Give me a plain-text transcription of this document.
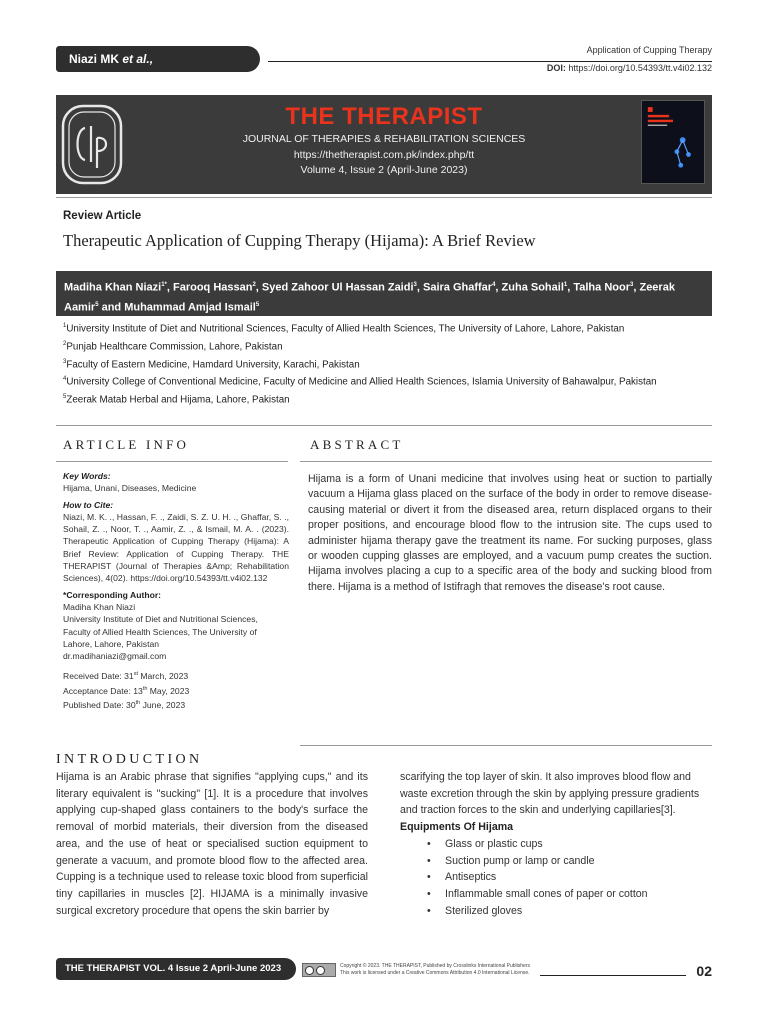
Niazi MK et al.,
Application of Cupping Therapy
DOI: https://doi.org/10.54393/tt.v4i02.132
THE THERAPIST
JOURNAL OF THERAPIES & REHABILITATION SCIENCES
https://thetherapist.com.pk/index.php/tt
Volume 4, Issue 2 (April-June 2023)
Review Article
Therapeutic Application of Cupping Therapy (Hijama): A Brief Review
Madiha Khan Niazi$^{1*}$, Farooq Hassan$^2$, Syed Zahoor Ul Hassan Zaidi$^3$, Saira Ghaffar$^4$, Zuha Sohail$^1$, Talha Noor$^3$, Zeerak Aamir$^5$ and Muhammad Amjad Ismail$^5$
$^1$University Institute of Diet and Nutritional Sciences, Faculty of Allied Health Sciences, The University of Lahore, Lahore, Pakistan
$^2$Punjab Healthcare Commission, Lahore, Pakistan
$^3$Faculty of Eastern Medicine, Hamdard University, Karachi, Pakistan
$^4$University College of Conventional Medicine, Faculty of Medicine and Allied Health Sciences, Islamia University of Bahawalpur, Pakistan
$^5$Zeerak Matab Herbal and Hijama, Lahore, Pakistan
ARTICLE INFO	ABSTRACT
Key Words:
Hijama, Unani, Diseases, Medicine
How to Cite:
Niazi, M. K. ., Hassan, F. ., Zaidi, S. Z. U. H. ., Ghaffar, S. ., Sohail, Z. ., Noor, T. ., Aamir, Z. ., & Ismail, M. A. . (2023). Therapeutic Application of Cupping Therapy (Hijama): A Brief Review: Application of Cupping Therapy. THE THERAPIST (Journal of Therapies &Amp; Rehabilitation Sciences), 4(02). https://doi.org/10.54393/tt.v4i02.132
*Corresponding Author:
Madiha Khan Niazi
University Institute of Diet and Nutritional Sciences,
Faculty of Allied Health Sciences, The University of
Lahore, Lahore, Pakistan
dr.madihaniazi@gmail.com
Received Date: 31st March, 2023
Acceptance Date: 13th May, 2023
Published Date: 30th June, 2023
Hijama is a form of Unani medicine that involves using heat or suction to partially vacuum a Hijama glass placed on the surface of the body in order to remove disease-causing material or divert it from the diseased area, return displaced organs to their proper positions, and encourage blood flow to the intrusion site. The cups used to administer hijama therapy gave the treatment its name. For sucking purposes, glass or wooden cupping glasses are employed, and a vacuum pump creates the suction. Hijama involves placing a cup to a specific area of the body and sucking blood from there. Hijama is a method of Istifragh that removes the disease's root cause.
INTRODUCTION
Hijama is an Arabic phrase that signifies "applying cups," and its literary equivalent is "sucking" [1]. It is a procedure that involves applying cup-shaped glass containers to the body's surface the removal of morbid materials, their diversion from the diseased area, and the use of heat or specialised suction equipment to generate a vacuum, and promote blood flow to the affected area. Cupping is a technique used to release toxic blood from superficial tiny capillaries in muscles [2]. HIJAMA is a minimally invasive surgical excretory procedure that opens the skin barrier by
scarifying the top layer of skin. It also improves blood flow and waste excretion through the skin by applying pressure gradients and traction forces to the skin and underlying capillaries[3].
Equipments Of Hijama
• Glass or plastic cups
• Suction pump or lamp or candle
• Antiseptics
• Inflammable small cones of paper or cotton
• Sterilized gloves
THE THERAPIST VOL. 4 Issue 2 April-June 2023	Copyright © 2023. THE THERAPIST, Published by Crosslinks International Publishers
This work is licensed under a Creative Commons Attribution 4.0 International License.	02
